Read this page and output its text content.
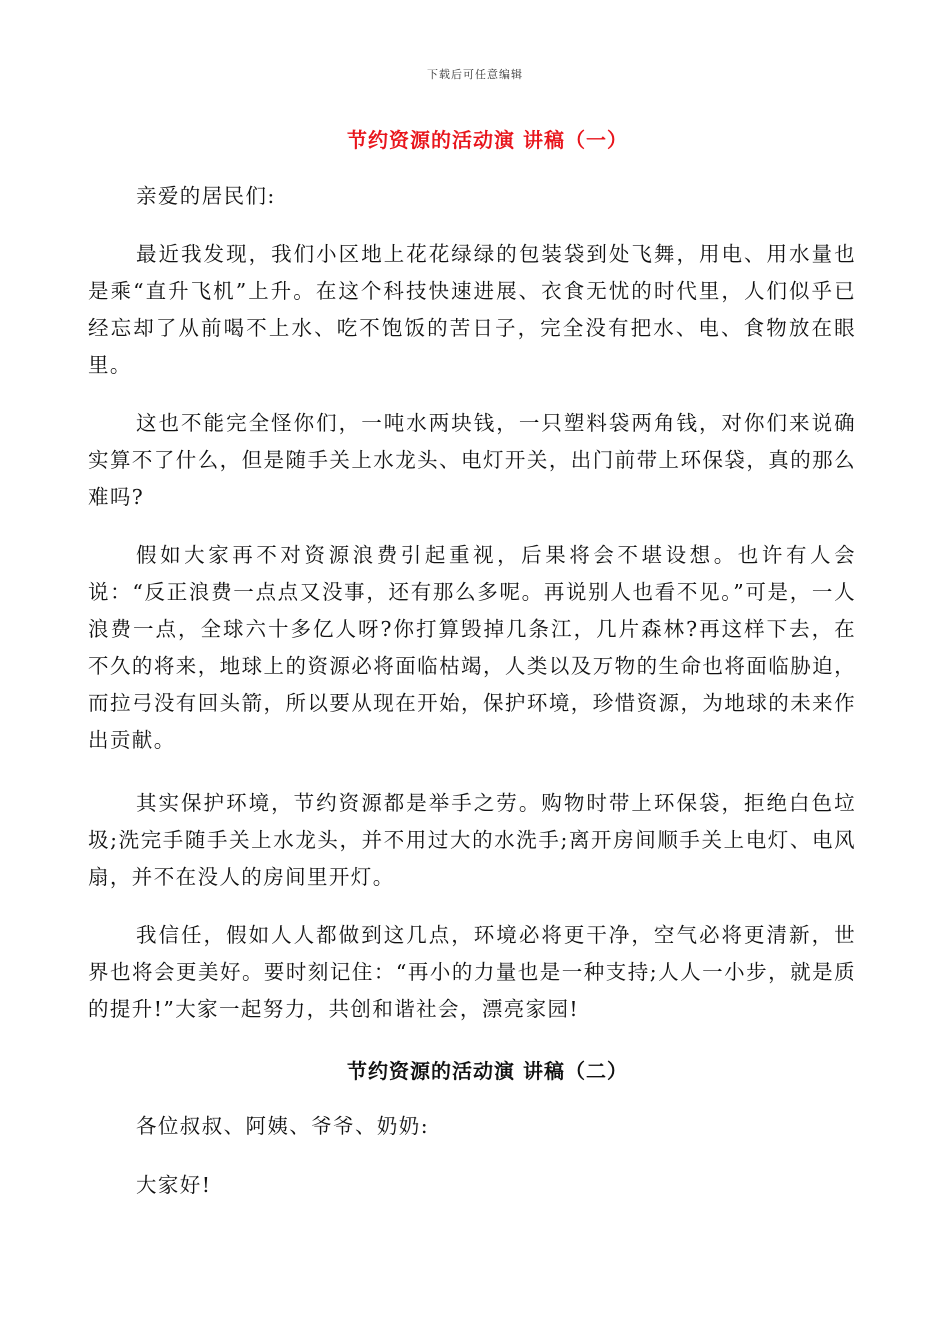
下载后可任意编辑
节约资源的活动演 讲稿（一）

亲爱的居民们:

最近我发现，我们小区地上花花绿绿的包装袋到处飞舞，用电、用水量也是乘“直升飞机”上升。在这个科技快速进展、衣食无忧的时代里，人们似乎已经忘却了从前喝不上水、吃不饱饭的苦日子，完全没有把水、电、食物放在眼里。

这也不能完全怪你们，一吨水两块钱，一只塑料袋两角钱，对你们来说确实算不了什么，但是随手关上水龙头、电灯开关，出门前带上环保袋，真的那么难吗?

假如大家再不对资源浪费引起重视，后果将会不堪设想。也许有人会说：“反正浪费一点点又没事，还有那么多呢。再说别人也看不见。”可是，一人浪费一点，全球六十多亿人呀?你打算毁掉几条江，几片森林?再这样下去，在不久的将来，地球上的资源必将面临枯竭，人类以及万物的生命也将面临胁迫，而拉弓没有回头箭，所以要从现在开始，保护环境，珍惜资源，为地球的未来作出贡献。

其实保护环境，节约资源都是举手之劳。购物时带上环保袋，拒绝白色垃圾;洗完手随手关上水龙头，并不用过大的水洗手;离开房间顺手关上电灯、电风扇，并不在没人的房间里开灯。

我信任，假如人人都做到这几点，环境必将更干净，空气必将更清新，世界也将会更美好。要时刻记住：“再小的力量也是一种支持;人人一小步，就是质的提升!”大家一起努力，共创和谐社会，漂亮家园!

节约资源的活动演 讲稿（二）

各位叔叔、阿姨、爷爷、奶奶:

大家好!
